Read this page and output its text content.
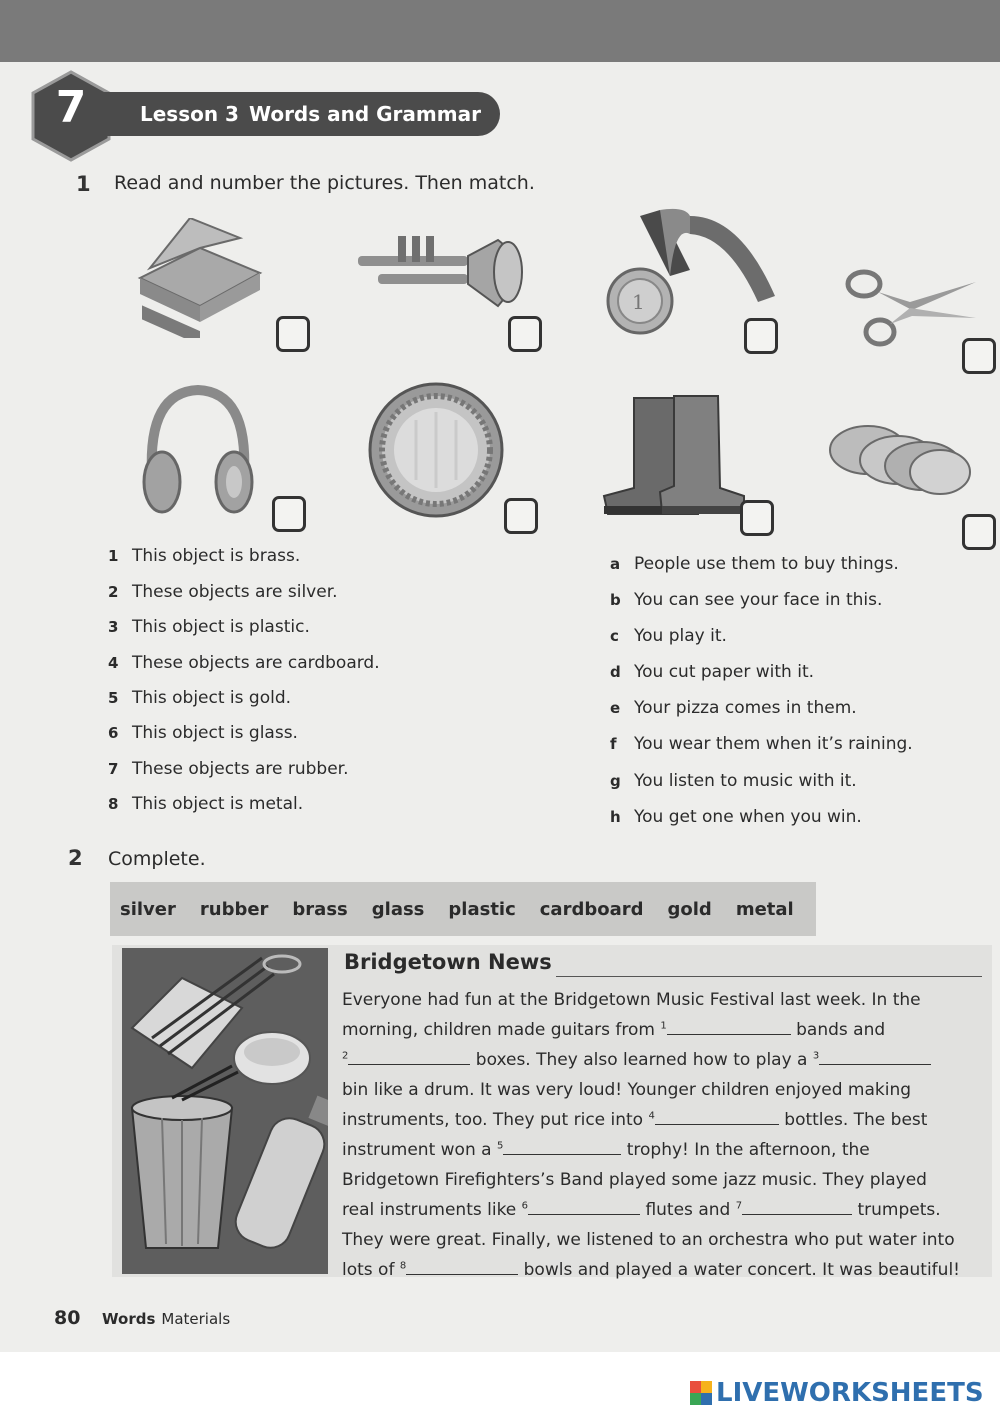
7	Lesson 3 Words and Grammar
1 Read and number the pictures. Then match.
1
1 This object is brass.
2 These objects are silver.
3 This object is plastic.
4 These objects are cardboard.
5 This object is gold.
6 This object is glass.
7 These objects are rubber.
8 This object is metal.
a People use them to buy things.
b You can see your face in this.
c You play it.
d You cut paper with it.
e Your pizza comes in them.
f You wear them when it’s raining.
g You listen to music with it.
h You get one when you win.
2 Complete.
silver rubber brass glass plastic cardboard gold metal
Bridgetown News
Everyone had fun at the Bridgetown Music Festival last week. In the
morning, children made guitars from $^1$	bands and
$^2$	boxes. They also learned how to play a $^3$
bin like a drum. It was very loud! Younger children enjoyed making
instruments, too. They put rice into $^4$	bottles. The best
instrument won a $^5$	trophy! In the afternoon, the
Bridgetown Firefighters’s Band played some jazz music. They played
real instruments like $^6$	flutes and $^7$	trumpets.
They were great. Finally, we listened to an orchestra who put water into
lots of $^8$	bowls and played a water concert. It was beautiful!
80 Words Materials
LIVEWORKSHEETS
